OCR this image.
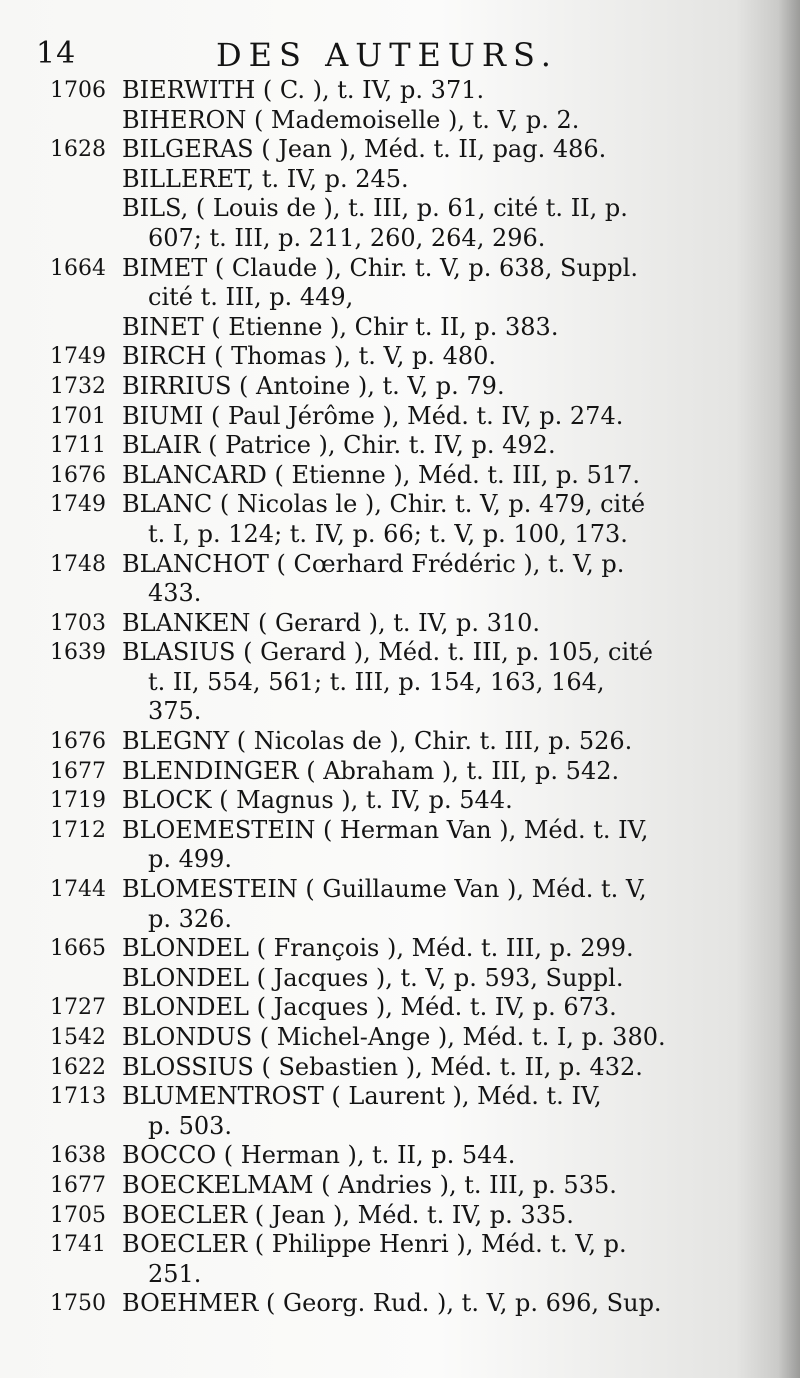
14	DES AUTEURS.
1706 BIERWITH ( C. ), t. IV, p. 371.
BIHERON ( Mademoiselle ), t. V, p. 2.
1628 BILGERAS ( Jean ), Méd. t. II, pag. 486.
BILLERET, t. IV, p. 245.
BILS, ( Louis de ), t. III, p. 61, cité t. II, p.
607; t. III, p. 211, 260, 264, 296.
1664 BIMET ( Claude ), Chir. t. V, p. 638, Suppl.
cité t. III, p. 449,
BINET ( Etienne ), Chir t. II, p. 383.
1749 BIRCH ( Thomas ), t. V, p. 480.
1732 BIRRIUS ( Antoine ), t. V, p. 79.
1701 BIUMI ( Paul Jérôme ), Méd. t. IV, p. 274.
1711 BLAIR ( Patrice ), Chir. t. IV, p. 492.
1676 BLANCARD ( Etienne ), Méd. t. III, p. 517.
1749 BLANC ( Nicolas le ), Chir. t. V, p. 479, cité
t. I, p. 124; t. IV, p. 66; t. V, p. 100, 173.
1748 BLANCHOT ( Cœrhard Frédéric ), t. V, p.
433.
1703 BLANKEN ( Gerard ), t. IV, p. 310.
1639 BLASIUS ( Gerard ), Méd. t. III, p. 105, cité
t. II, 554, 561; t. III, p. 154, 163, 164,
375.
1676 BLEGNY ( Nicolas de ), Chir. t. III, p. 526.
1677 BLENDINGER ( Abraham ), t. III, p. 542.
1719 BLOCK ( Magnus ), t. IV, p. 544.
1712 BLOEMESTEIN ( Herman Van ), Méd. t. IV,
p. 499.
1744 BLOMESTEIN ( Guillaume Van ), Méd. t. V,
p. 326.
1665 BLONDEL ( François ), Méd. t. III, p. 299.
BLONDEL ( Jacques ), t. V, p. 593, Suppl.
1727 BLONDEL ( Jacques ), Méd. t. IV, p. 673.
1542 BLONDUS ( Michel-Ange ), Méd. t. I, p. 380.
1622 BLOSSIUS ( Sebastien ), Méd. t. II, p. 432.
1713 BLUMENTROST ( Laurent ), Méd. t. IV,
p. 503.
1638 BOCCO ( Herman ), t. II, p. 544.
1677 BOECKELMAM ( Andries ), t. III, p. 535.
1705 BOECLER ( Jean ), Méd. t. IV, p. 335.
1741 BOECLER ( Philippe Henri ), Méd. t. V, p.
251.
1750 BOEHMER ( Georg. Rud. ), t. V, p. 696, Sup.
